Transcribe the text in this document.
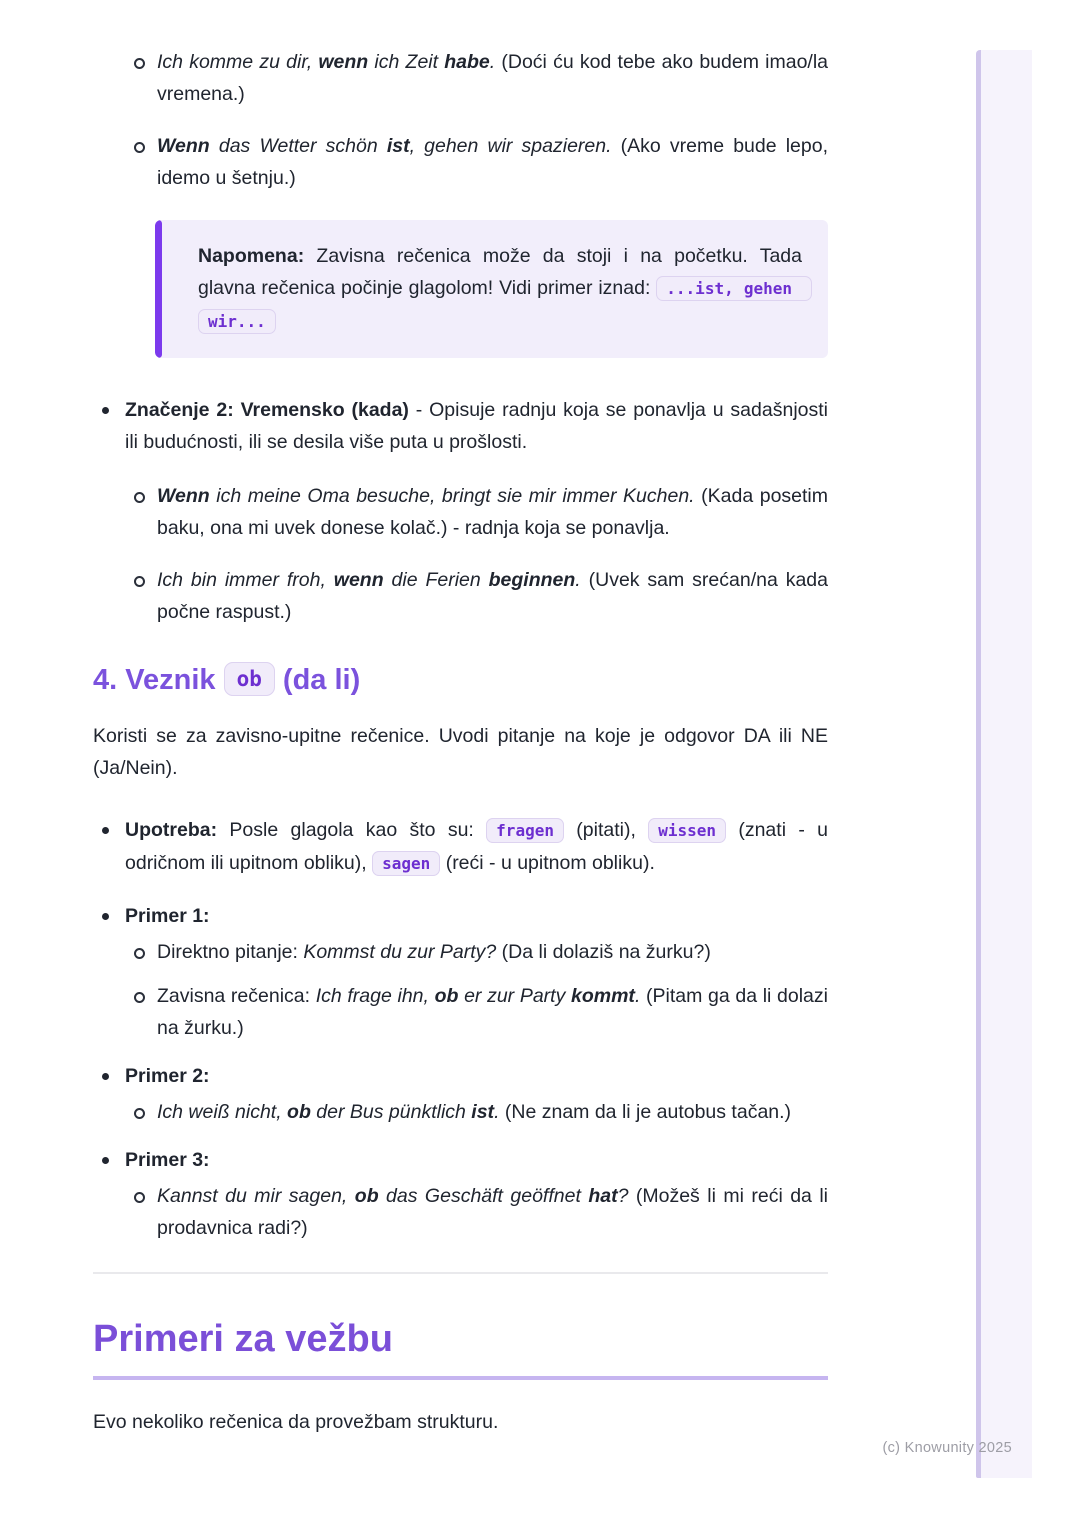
Ich komme zu dir, wenn ich Zeit habe. (Doći ću kod tebe ako budem imao/la vremena.)
Wenn das Wetter schön ist, gehen wir spazieren. (Ako vreme bude lepo, idemo u šetnju.)
Napomena: Zavisna rečenica može da stoji i na početku. Tada glavna rečenica počinje glagolom! Vidi primer iznad: ...ist, gehen wir...
Značenje 2: Vremensko (kada) - Opisuje radnju koja se ponavlja u sadašnjosti ili budućnosti, ili se desila više puta u prošlosti.
Wenn ich meine Oma besuche, bringt sie mir immer Kuchen. (Kada posetim baku, ona mi uvek donese kolač.) - radnja koja se ponavlja.
Ich bin immer froh, wenn die Ferien beginnen. (Uvek sam srećan/na kada počne raspust.)
4. Veznik ob (da li)

Koristi se za zavisno-upitne rečenice. Uvodi pitanje na koje je odgovor DA ili NE (Ja/Nein).

Upotreba: Posle glagola kao što su: fragen (pitati), wissen (znati - u odričnom ili upitnom obliku), sagen (reći - u upitnom obliku).
Primer 1:
Direktno pitanje: Kommst du zur Party? (Da li dolaziš na žurku?)
Zavisna rečenica: Ich frage ihn, ob er zur Party kommt. (Pitam ga da li dolazi na žurku.)
Primer 2:
Ich weiß nicht, ob der Bus pünktlich ist. (Ne znam da li je autobus tačan.)
Primer 3:
Kannst du mir sagen, ob das Geschäft geöffnet hat? (Možeš li mi reći da li prodavnica radi?)
Primeri za vežbu

Evo nekoliko rečenica da provežbam strukturu.

(c) Knowunity 2025
